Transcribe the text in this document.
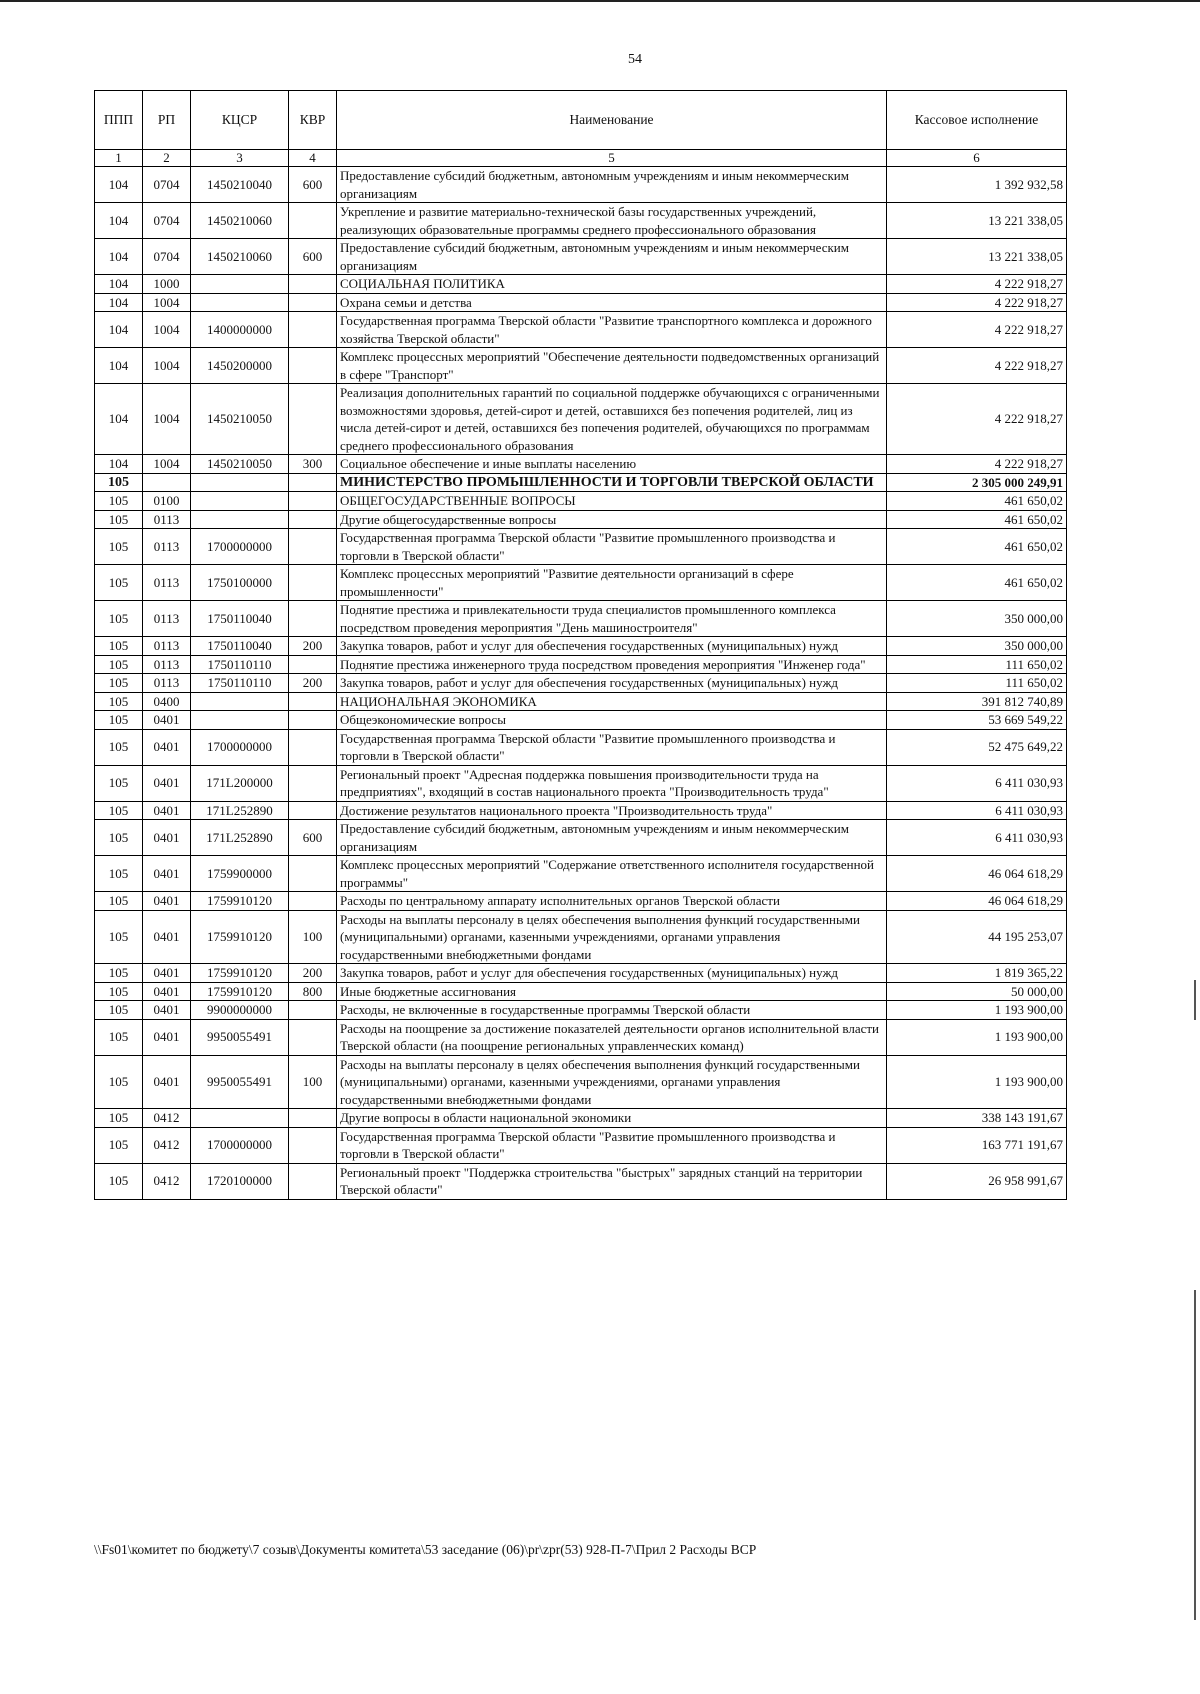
54
ППП	РП	КЦСР	КВР	Наименование	Кассовое исполнение
1	2	3	4	5	6
104	0704	1450210040	600	Предоставление субсидий бюджетным, автономным учреждениям и иным некоммерческим организациям	1 392 932,58
104	0704	1450210060		Укрепление и развитие материально-технической базы государственных учреждений, реализующих образовательные программы среднего профессионального образования	13 221 338,05
104	0704	1450210060	600	Предоставление субсидий бюджетным, автономным учреждениям и иным некоммерческим организациям	13 221 338,05
104	1000			СОЦИАЛЬНАЯ ПОЛИТИКА	4 222 918,27
104	1004			Охрана семьи и детства	4 222 918,27
104	1004	1400000000		Государственная программа Тверской области "Развитие транспортного комплекса и дорожного хозяйства Тверской области"	4 222 918,27
104	1004	1450200000		Комплекс процессных мероприятий "Обеспечение деятельности подведомственных организаций в сфере "Транспорт"	4 222 918,27
104	1004	1450210050		Реализация дополнительных гарантий по социальной поддержке обучающихся с ограниченными возможностями здоровья, детей-сирот и детей, оставшихся без попечения родителей, лиц из числа детей-сирот и детей, оставшихся без попечения родителей, обучающихся по программам среднего профессионального образования	4 222 918,27
104	1004	1450210050	300	Социальное обеспечение и иные выплаты населению	4 222 918,27
105				МИНИСТЕРСТВО ПРОМЫШЛЕННОСТИ И ТОРГОВЛИ ТВЕРСКОЙ ОБЛАСТИ	2 305 000 249,91
105	0100			ОБЩЕГОСУДАРСТВЕННЫЕ ВОПРОСЫ	461 650,02
105	0113			Другие общегосударственные вопросы	461 650,02
105	0113	1700000000		Государственная программа Тверской области "Развитие промышленного производства и торговли в Тверской области"	461 650,02
105	0113	1750100000		Комплекс процессных мероприятий "Развитие деятельности организаций в сфере промышленности"	461 650,02
105	0113	1750110040		Поднятие престижа и привлекательности труда специалистов промышленного комплекса посредством проведения мероприятия "День машиностроителя"	350 000,00
105	0113	1750110040	200	Закупка товаров, работ и услуг для обеспечения государственных (муниципальных) нужд	350 000,00
105	0113	1750110110		Поднятие престижа инженерного труда посредством проведения мероприятия "Инженер года"	111 650,02
105	0113	1750110110	200	Закупка товаров, работ и услуг для обеспечения государственных (муниципальных) нужд	111 650,02
105	0400			НАЦИОНАЛЬНАЯ ЭКОНОМИКА	391 812 740,89
105	0401			Общеэкономические вопросы	53 669 549,22
105	0401	1700000000		Государственная программа Тверской области "Развитие промышленного производства и торговли в Тверской области"	52 475 649,22
105	0401	171L200000		Региональный проект "Адресная поддержка повышения производительности труда на предприятиях", входящий в состав национального проекта "Производительность труда"	6 411 030,93
105	0401	171L252890		Достижение результатов национального проекта "Производительность труда"	6 411 030,93
105	0401	171L252890	600	Предоставление субсидий бюджетным, автономным учреждениям и иным некоммерческим организациям	6 411 030,93
105	0401	1759900000		Комплекс процессных мероприятий "Содержание ответственного исполнителя государственной программы"	46 064 618,29
105	0401	1759910120		Расходы по центральному аппарату исполнительных органов Тверской области	46 064 618,29
105	0401	1759910120	100	Расходы на выплаты персоналу в целях обеспечения выполнения функций государственными (муниципальными) органами, казенными учреждениями, органами управления государственными внебюджетными фондами	44 195 253,07
105	0401	1759910120	200	Закупка товаров, работ и услуг для обеспечения государственных (муниципальных) нужд	1 819 365,22
105	0401	1759910120	800	Иные бюджетные ассигнования	50 000,00
105	0401	9900000000		Расходы, не включенные в государственные программы Тверской области	1 193 900,00
105	0401	9950055491		Расходы на поощрение за достижение показателей деятельности органов исполнительной власти Тверской области (на поощрение региональных управленческих команд)	1 193 900,00
105	0401	9950055491	100	Расходы на выплаты персоналу в целях обеспечения выполнения функций государственными (муниципальными) органами, казенными учреждениями, органами управления государственными внебюджетными фондами	1 193 900,00
105	0412			Другие вопросы в области национальной экономики	338 143 191,67
105	0412	1700000000		Государственная программа Тверской области "Развитие промышленного производства и торговли в Тверской области"	163 771 191,67
105	0412	1720100000		Региональный проект "Поддержка строительства "быстрых" зарядных станций на территории Тверской области"	26 958 991,67
\\Fs01\комитет по бюджету\7 созыв\Документы комитета\53 заседание (06)\pr\zpr(53) 928-П-7\Прил 2 Расходы ВСР
